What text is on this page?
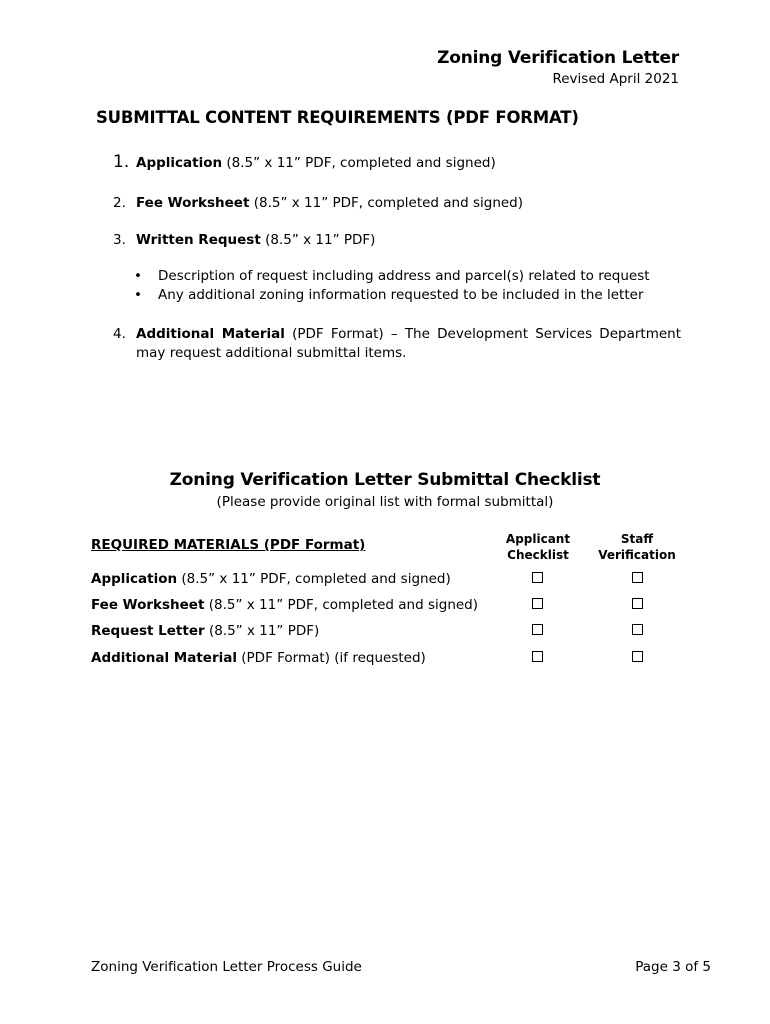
Zoning Verification Letter
Revised April 2021
SUBMITTAL CONTENT REQUIREMENTS (PDF FORMAT)
1. Application (8.5” x 11” PDF, completed and signed)
2. Fee Worksheet (8.5” x 11” PDF, completed and signed)
3. Written Request (8.5” x 11” PDF)
• Description of request including address and parcel(s) related to request
• Any additional zoning information requested to be included in the letter
4. Additional Material (PDF Format) – The Development Services Department
may request additional submittal items.
Zoning Verification Letter Submittal Checklist
(Please provide original list with formal submittal)
REQUIRED MATERIALS (PDF Format)	Applicant
Checklist
Staff
Verification
Application (8.5” x 11” PDF, completed and signed)
Fee Worksheet (8.5” x 11” PDF, completed and signed)
Request Letter (8.5” x 11” PDF)
Additional Material (PDF Format) (if requested)
Zoning Verification Letter Process Guide	Page 3 of 5
